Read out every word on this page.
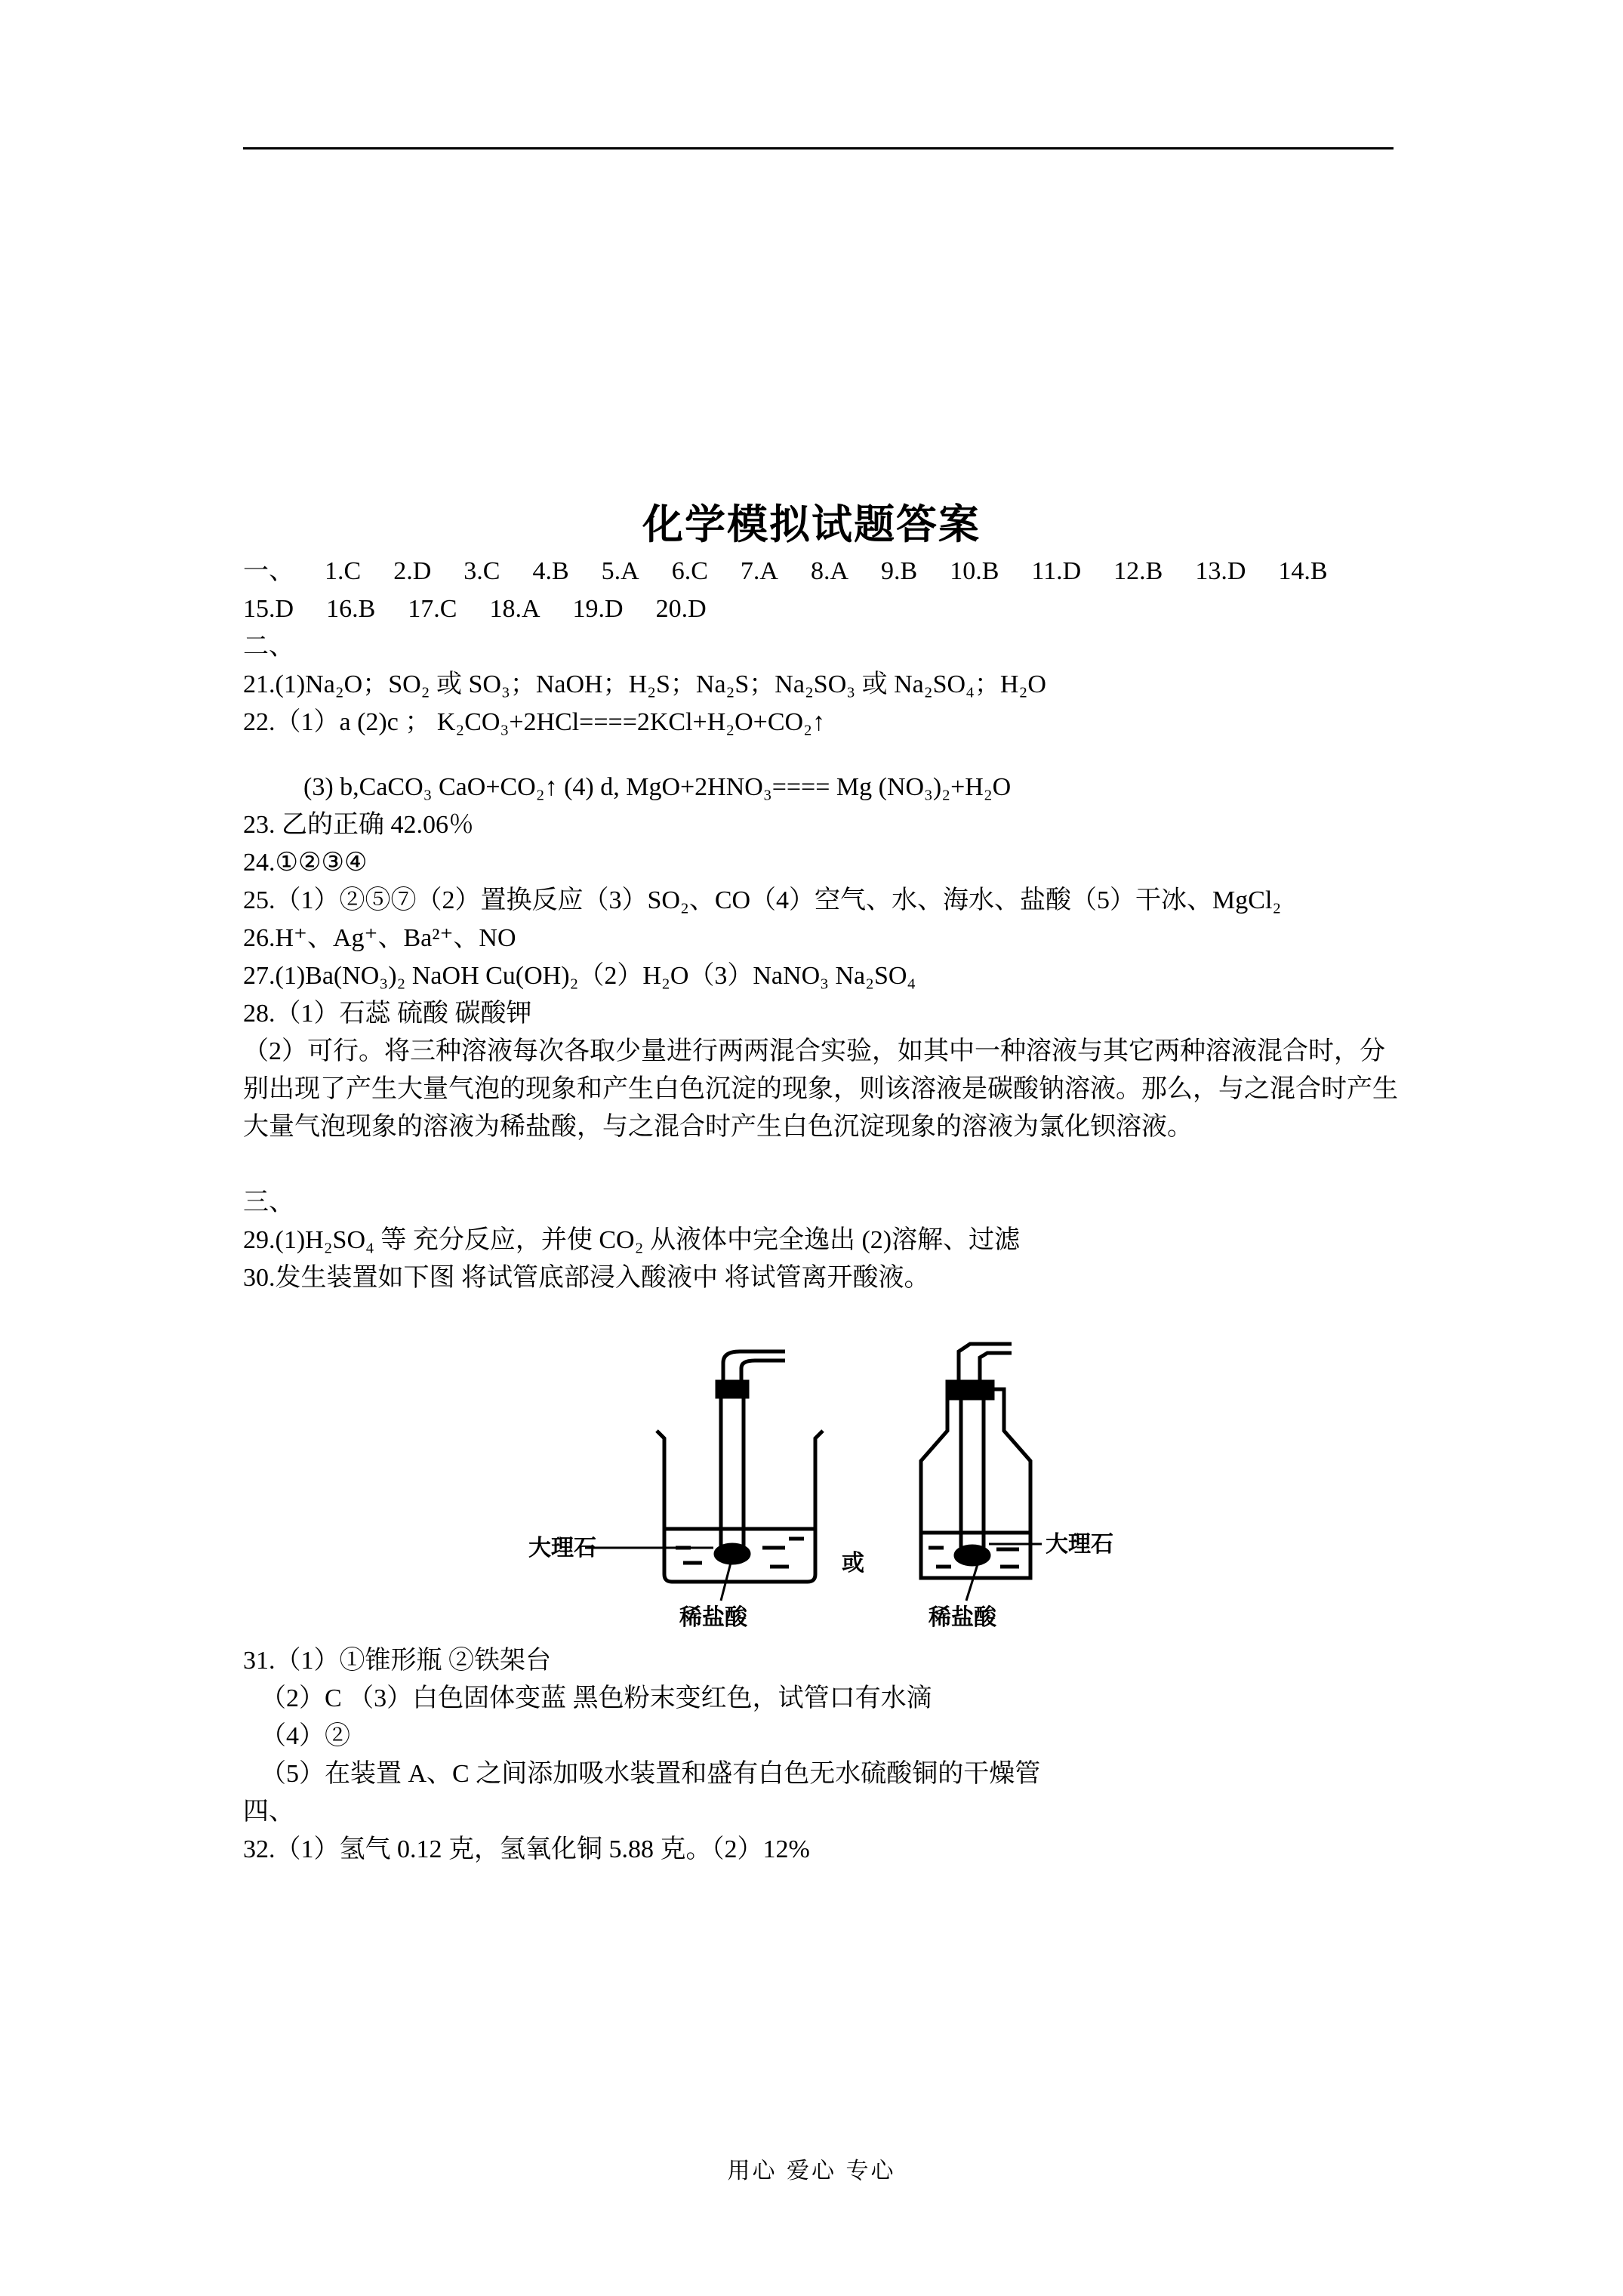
化学模拟试题答案
一、 1.C 2.D 3.C 4.B 5.A 6.C 7.A 8.A 9.B 10.B 11.D 12.B 13.D 14.B
15.D 16.B 17.C 18.A 19.D 20.D
二、
21.(1)Na₂O；SO₂ 或 SO₃；NaOH；H₂S；Na₂S；Na₂SO₃ 或 Na₂SO₄；H₂O
22.（1）a (2)c ； K₂CO₃+2HCl====2KCl+H₂O+CO₂↑
(3) b,CaCO₃ CaO+CO₂↑ (4) d, MgO+2HNO₃==== Mg (NO₃)₂+H₂O
23. 乙的正确 42.06％
24.①②③④
25.（1）②⑤⑦（2）置换反应（3）SO₂、CO（4）空气、水、海水、盐酸（5）干冰、MgCl₂
26.H⁺、Ag⁺、Ba²⁺、NO
27.(1)Ba(NO₃)₂ NaOH Cu(OH)₂（2）H₂O（3）NaNO₃ Na₂SO₄
28.（1）石蕊 硫酸 碳酸钾
（2）可行。将三种溶液每次各取少量进行两两混合实验，如其中一种溶液与其它两种溶液混合时，分别出现了产生大量气泡的现象和产生白色沉淀的现象，则该溶液是碳酸钠溶液。那么，与之混合时产生大量气泡现象的溶液为稀盐酸，与之混合时产生白色沉淀现象的溶液为氯化钡溶液。
三、
29.(1)H₂SO₄ 等 充分反应，并使 CO₂ 从液体中完全逸出 (2)溶解、过滤
30.发生装置如下图 将试管底部浸入酸液中 将试管离开酸液。
大理石
稀盐酸
或
大理石
稀盐酸
31.（1）①锥形瓶 ②铁架台
（2）C （3）白色固体变蓝 黑色粉末变红色，试管口有水滴
（4）②
（5）在装置 A、C 之间添加吸水装置和盛有白色无水硫酸铜的干燥管
四、
32.（1）氢气 0.12 克，氢氧化铜 5.88 克。（2）12%
用心 爱心 专心
